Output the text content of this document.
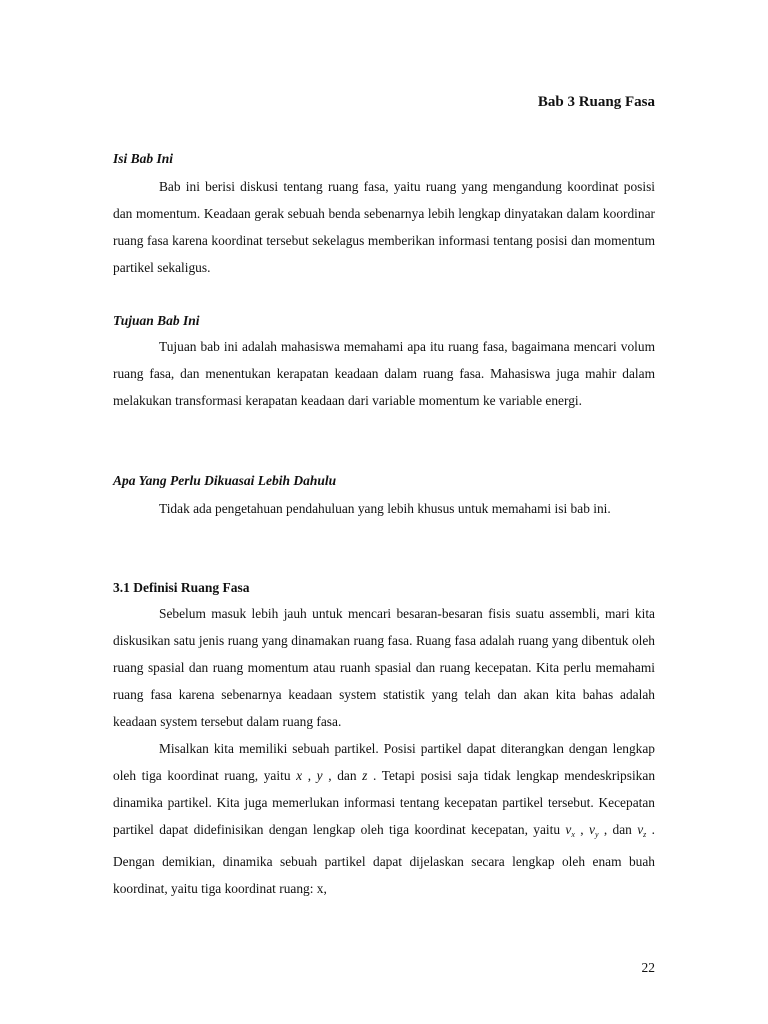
Bab 3 Ruang Fasa
Isi Bab Ini

Bab ini berisi diskusi tentang ruang fasa, yaitu ruang yang mengandung koordinat posisi dan momentum. Keadaan gerak sebuah benda sebenarnya lebih lengkap dinyatakan dalam koordinar ruang fasa karena koordinat tersebut sekelagus memberikan informasi tentang posisi dan momentum partikel sekaligus.

Tujuan Bab Ini

Tujuan bab ini adalah mahasiswa memahami apa itu ruang fasa, bagaimana mencari volum ruang fasa, dan menentukan kerapatan keadaan dalam ruang fasa. Mahasiswa juga mahir dalam melakukan transformasi kerapatan keadaan dari variable momentum ke variable energi.

Apa Yang Perlu Dikuasai Lebih Dahulu

Tidak ada pengetahuan pendahuluan yang lebih khusus untuk memahami isi bab ini.

3.1 Definisi Ruang Fasa

Sebelum masuk lebih jauh untuk mencari besaran-besaran fisis suatu assembli, mari kita diskusikan satu jenis ruang yang dinamakan ruang fasa. Ruang fasa adalah ruang yang dibentuk oleh ruang spasial dan ruang momentum atau ruanh spasial dan ruang kecepatan. Kita perlu memahami ruang fasa karena sebenarnya keadaan system statistik yang telah dan akan kita bahas adalah keadaan system tersebut dalam ruang fasa.

Misalkan kita memiliki sebuah partikel. Posisi partikel dapat diterangkan dengan lengkap oleh tiga koordinat ruang, yaitu x , y , dan z . Tetapi posisi saja tidak lengkap mendeskripsikan dinamika partikel. Kita juga memerlukan informasi tentang kecepatan partikel tersebut. Kecepatan partikel dapat didefinisikan dengan lengkap oleh tiga koordinat kecepatan, yaitu $v_x$ , $v_y$ , dan $v_z$ . Dengan demikian, dinamika sebuah partikel dapat dijelaskan secara lengkap oleh enam buah koordinat, yaitu tiga koordinat ruang: x,

22
